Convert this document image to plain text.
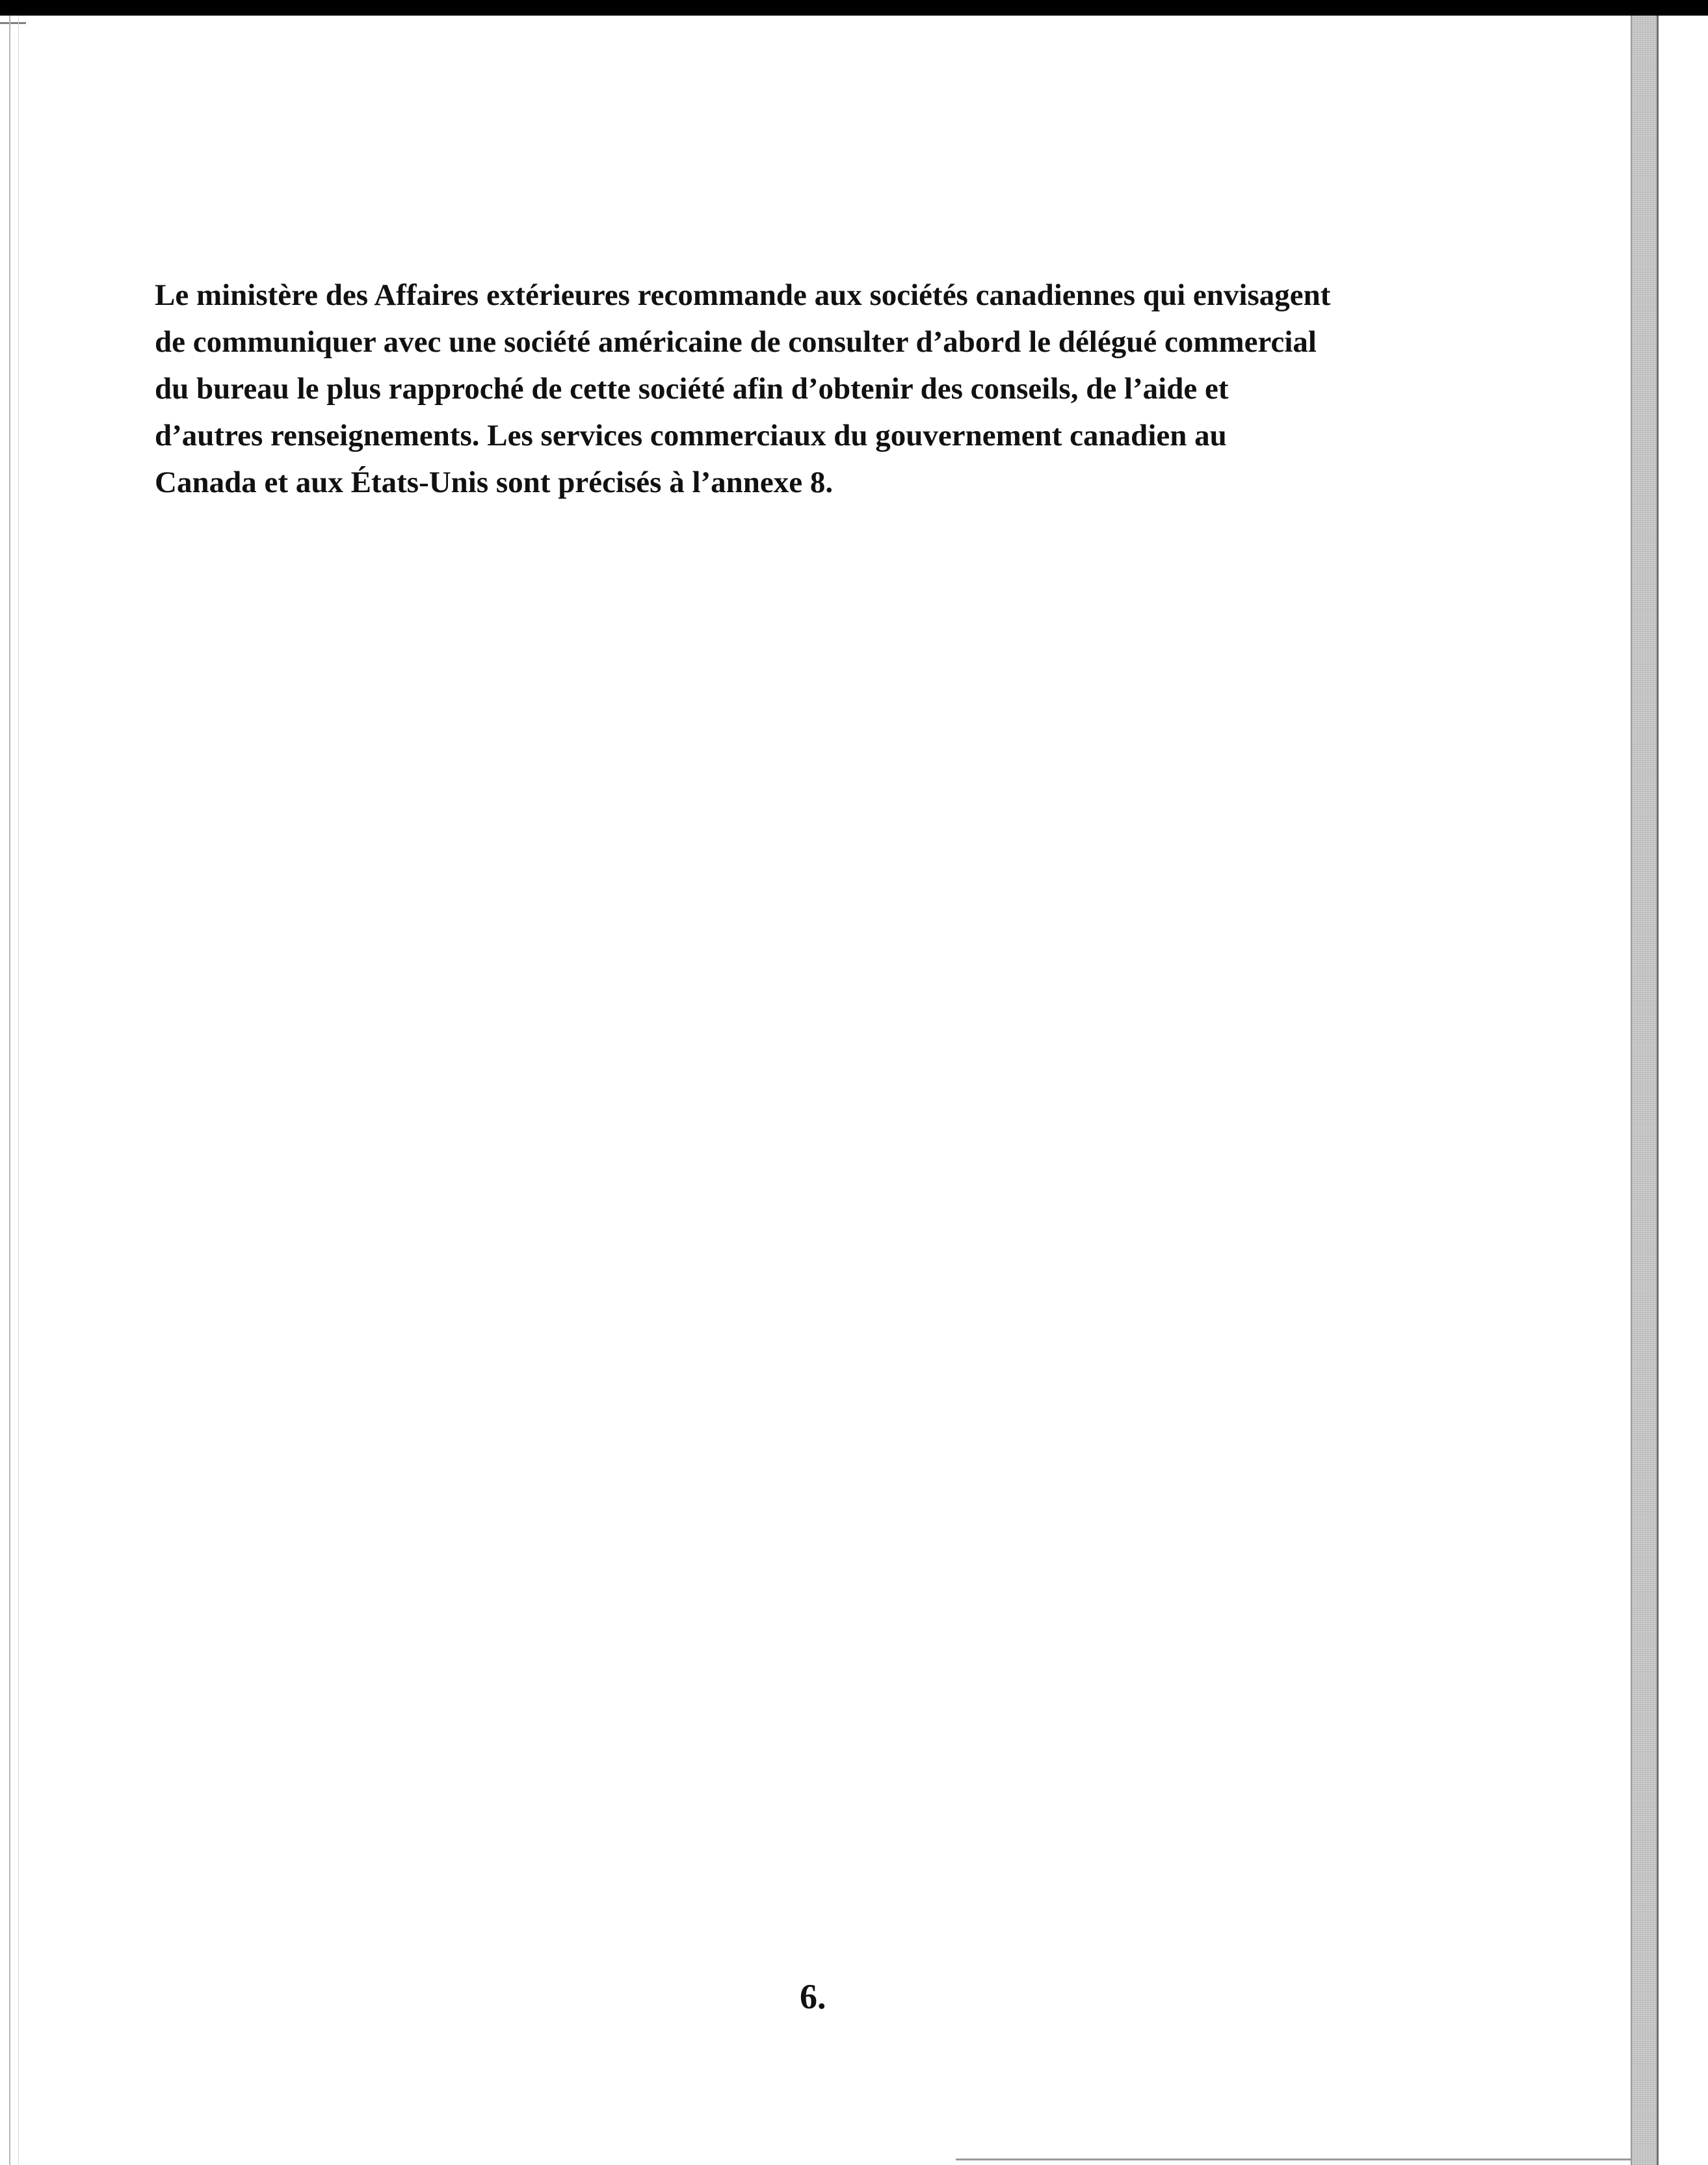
Le ministère des Affaires extérieures recommande aux sociétés canadiennes qui envisagent
de communiquer avec une société américaine de consulter d’abord le délégué commercial
du bureau le plus rapproché de cette société afin d’obtenir des conseils, de l’aide et
d’autres renseignements. Les services commerciaux du gouvernement canadien au
Canada et aux États-Unis sont précisés à l’annexe 8.

6.
